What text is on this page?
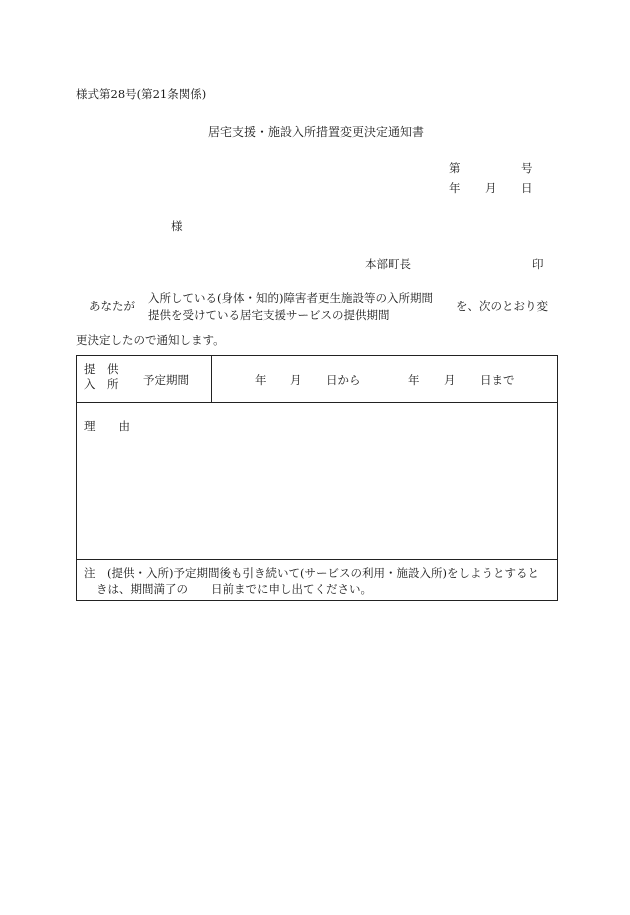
様式第28号(第21条関係)
居宅支援・施設入所措置変更決定通知書
第	号
年 月 日
様
本部町長	印
あなたが
入所している(身体・知的)障害者更生施設等の入所期間
提供を受けている居宅支援サービスの提供期間
を、次のとおり変
更決定したので通知します。
提　供
入　所 予定期間	年 月 日から	年 月 日まで
理　　由
注　(提供・入所)予定期間後も引き続いて(サービスの利用・施設入所)をしようとすると
きは、期間満了の　　日前までに申し出てください。
